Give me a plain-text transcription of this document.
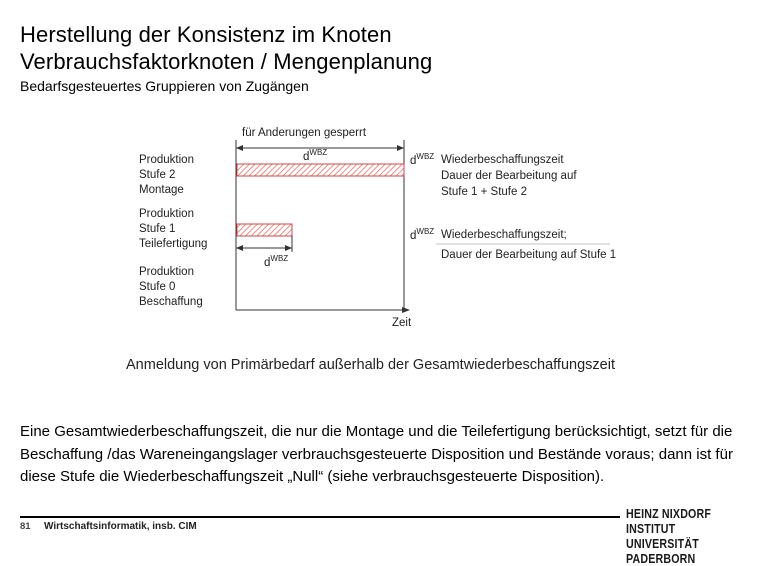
Herstellung der Konsistenz im Knoten
Verbrauchsfaktorknoten / Mengenplanung

Bedarfsgesteuertes Gruppieren von Zugängen

für Anderungen gesperrt
$d^{WBZ}$
Produktion
Stufe 2
Montage
Produktion
Stufe 1
Teilefertigung
Produktion
Stufe 0
Beschaffung
$d^{WBZ}$ Wiederbeschaffungszeit
Dauer der Bearbeitung auf
Stufe 1 + Stufe 2
$d^{WBZ}$ Wiederbeschaffungszeit;
Dauer der Bearbeitung auf Stufe 1
$d^{WBZ}$
Zeit

Anmeldung von Primärbedarf außerhalb der Gesamtwiederbeschaffungszeit

Eine Gesamtwiederbeschaffungszeit, die nur die Montage und die Teilefertigung berücksichtigt, setzt für die Beschaffung /das Wareneingangslager verbrauchsgesteuerte Disposition und Bestände voraus; dann ist für diese Stufe die Wiederbeschaffungszeit „Null“ (siehe verbrauchsgesteuerte Disposition).

81 Wirtschaftsinformatik, insb. CIM
HEINZ NIXDORF INSTITUT
UNIVERSITÄT PADERBORN
